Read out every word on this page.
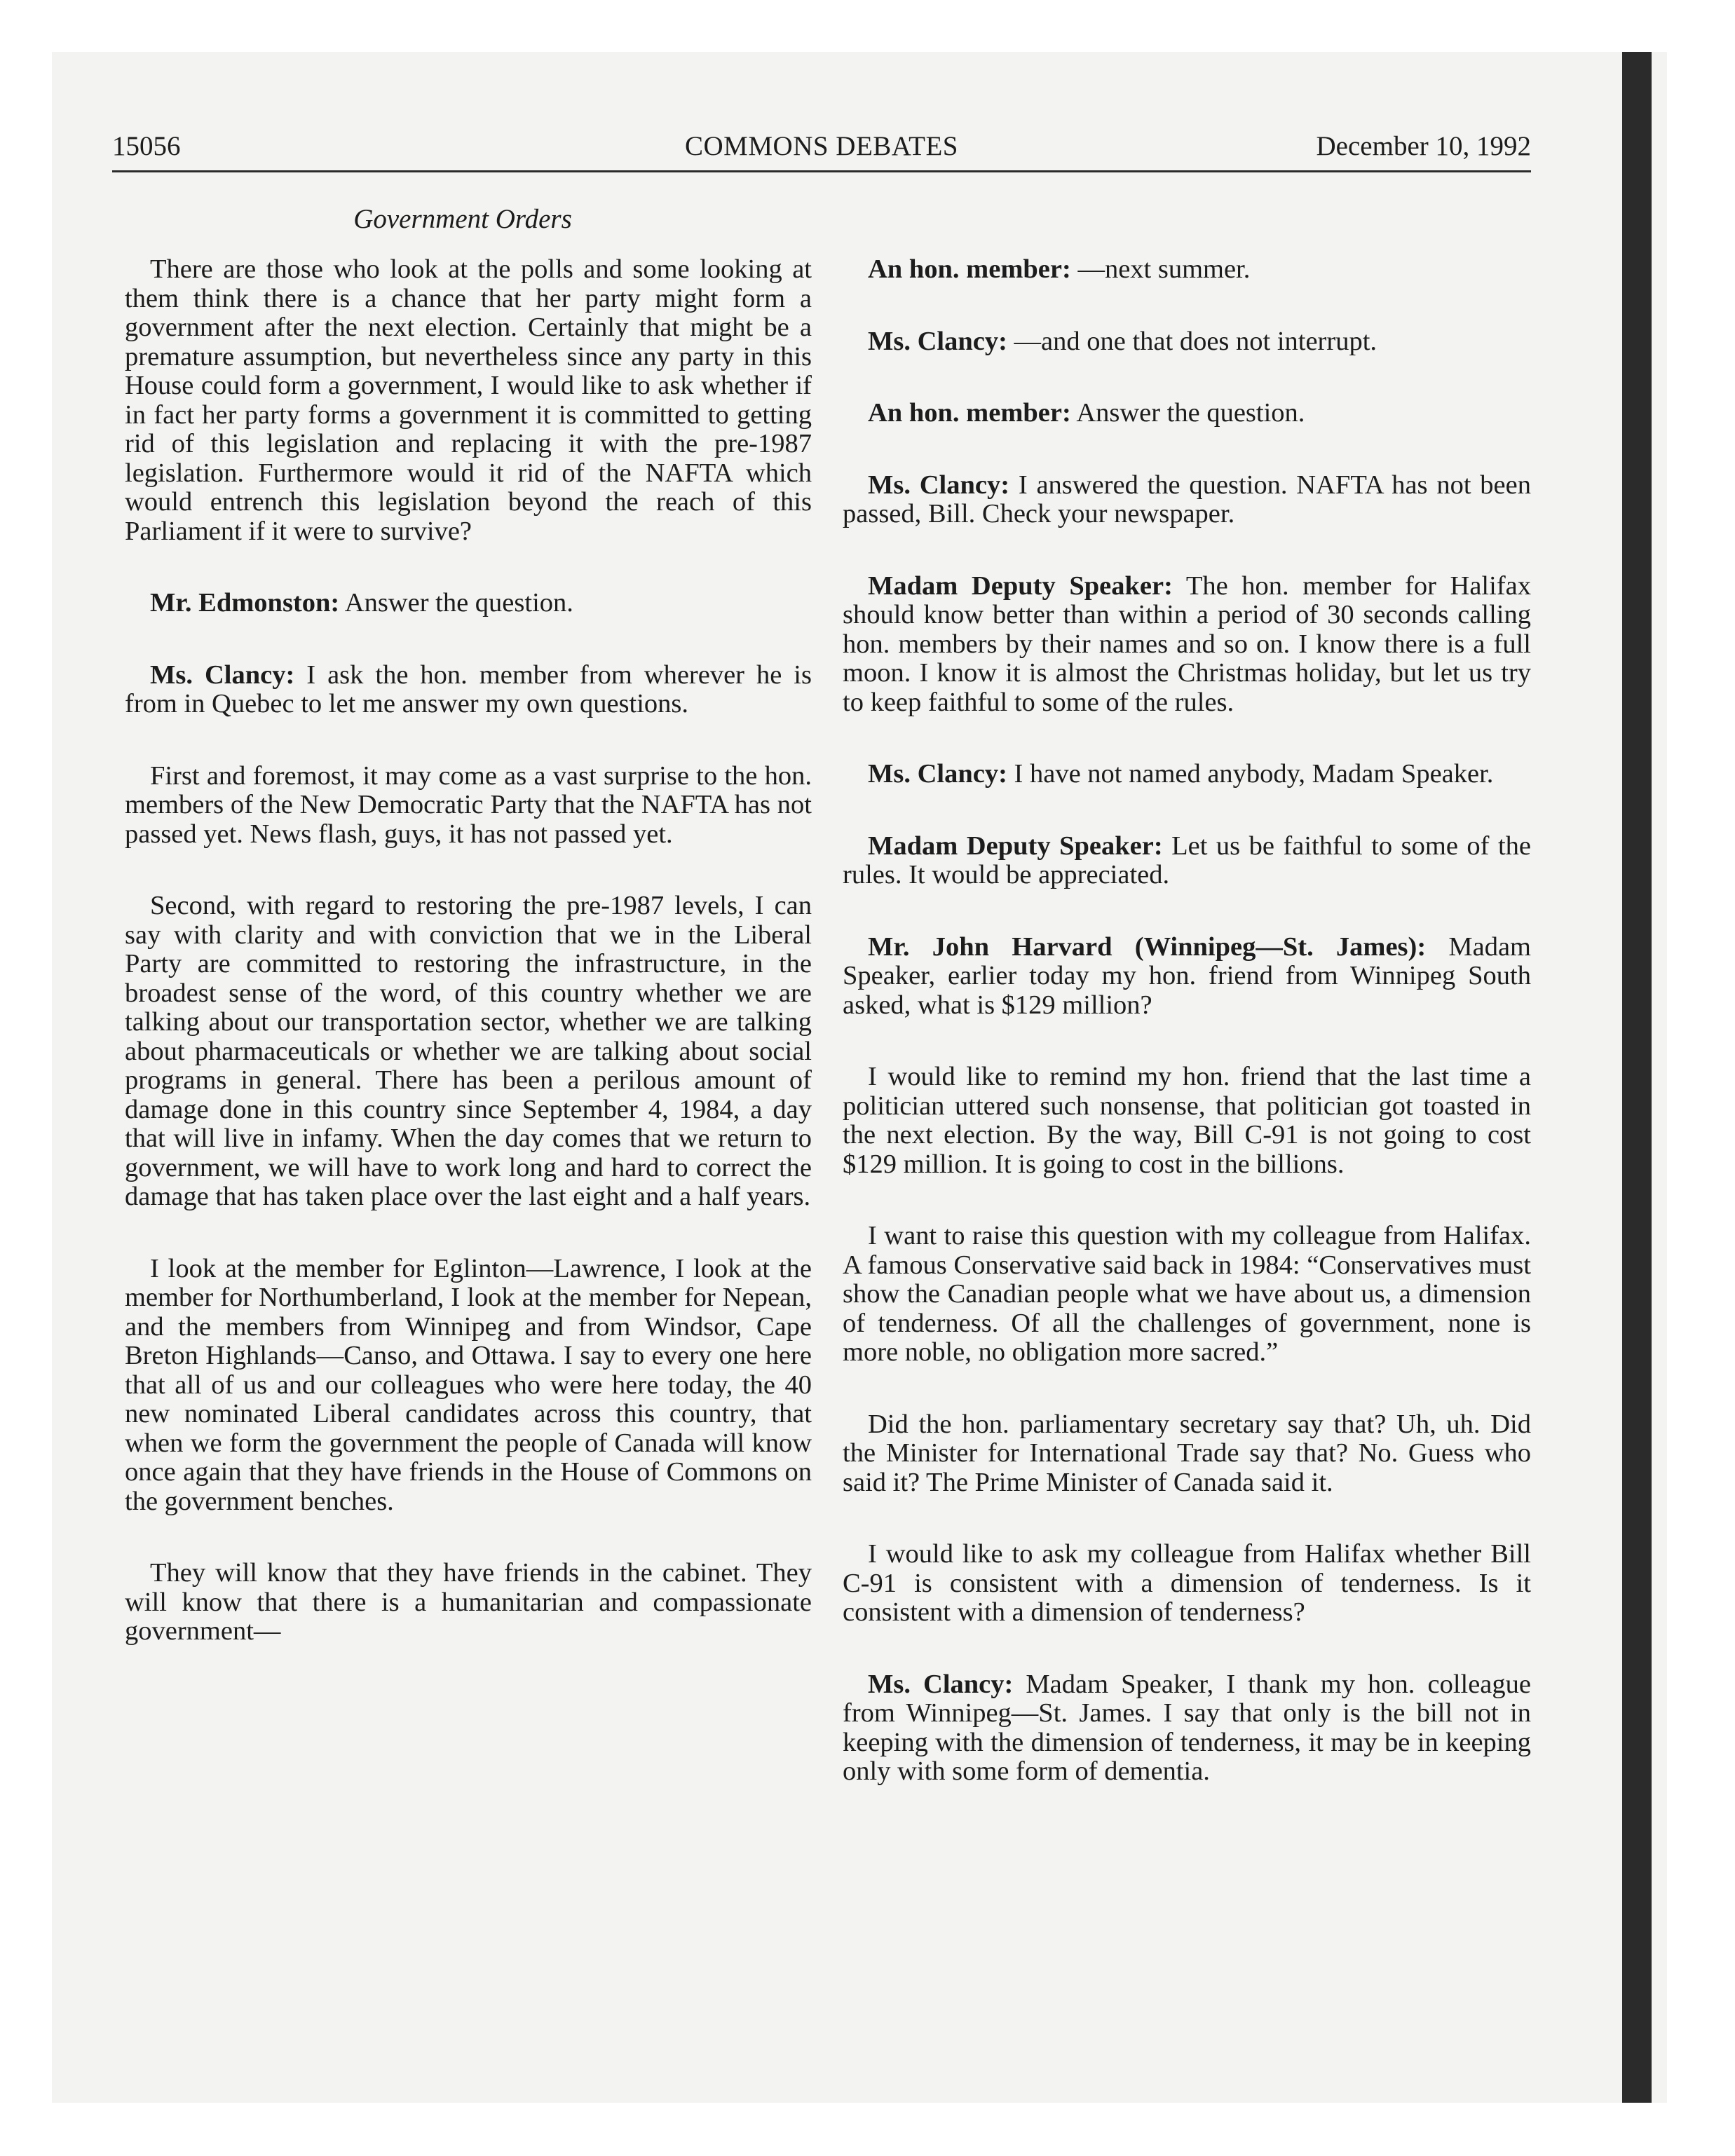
15056	COMMONS DEBATES	December 10, 1992
Government Orders

There are those who look at the polls and some looking at them think there is a chance that her party might form a government after the next election. Certainly that might be a premature assumption, but nevertheless since any party in this House could form a government, I would like to ask whether if in fact her party forms a government it is committed to getting rid of this legislation and replacing it with the pre-1987 legislation. Furthermore would it rid of the NAFTA which would entrench this legislation beyond the reach of this Parliament if it were to survive?

Mr. Edmonston: Answer the question.

Ms. Clancy: I ask the hon. member from wherever he is from in Quebec to let me answer my own questions.

First and foremost, it may come as a vast surprise to the hon. members of the New Democratic Party that the NAFTA has not passed yet. News flash, guys, it has not passed yet.

Second, with regard to restoring the pre-1987 levels, I can say with clarity and with conviction that we in the Liberal Party are committed to restoring the infrastructure, in the broadest sense of the word, of this country whether we are talking about our transportation sector, whether we are talking about pharmaceuticals or whether we are talking about social programs in general. There has been a perilous amount of damage done in this country since September 4, 1984, a day that will live in infamy. When the day comes that we return to government, we will have to work long and hard to correct the damage that has taken place over the last eight and a half years.

I look at the member for Eglinton—Lawrence, I look at the member for Northumberland, I look at the member for Nepean, and the members from Winnipeg and from Windsor, Cape Breton Highlands—Canso, and Ottawa. I say to every one here that all of us and our colleagues who were here today, the 40 new nominated Liberal candidates across this country, that when we form the government the people of Canada will know once again that they have friends in the House of Commons on the government benches.

They will know that they have friends in the cabinet. They will know that there is a humanitarian and compassionate government—

An hon. member: —next summer.

Ms. Clancy: —and one that does not interrupt.

An hon. member: Answer the question.

Ms. Clancy: I answered the question. NAFTA has not been passed, Bill. Check your newspaper.

Madam Deputy Speaker: The hon. member for Halifax should know better than within a period of 30 seconds calling hon. members by their names and so on. I know there is a full moon. I know it is almost the Christmas holiday, but let us try to keep faithful to some of the rules.

Ms. Clancy: I have not named anybody, Madam Speaker.

Madam Deputy Speaker: Let us be faithful to some of the rules. It would be appreciated.

Mr. John Harvard (Winnipeg—St. James): Madam Speaker, earlier today my hon. friend from Winnipeg South asked, what is $129 million?

I would like to remind my hon. friend that the last time a politician uttered such nonsense, that politician got toasted in the next election. By the way, Bill C-91 is not going to cost $129 million. It is going to cost in the billions.

I want to raise this question with my colleague from Halifax. A famous Conservative said back in 1984: “Conservatives must show the Canadian people what we have about us, a dimension of tenderness. Of all the challenges of government, none is more noble, no obligation more sacred.”

Did the hon. parliamentary secretary say that? Uh, uh. Did the Minister for International Trade say that? No. Guess who said it? The Prime Minister of Canada said it.

I would like to ask my colleague from Halifax whether Bill C-91 is consistent with a dimension of tenderness. Is it consistent with a dimension of tenderness?

Ms. Clancy: Madam Speaker, I thank my hon. colleague from Winnipeg—St. James. I say that only is the bill not in keeping with the dimension of tenderness, it may be in keeping only with some form of dementia.
